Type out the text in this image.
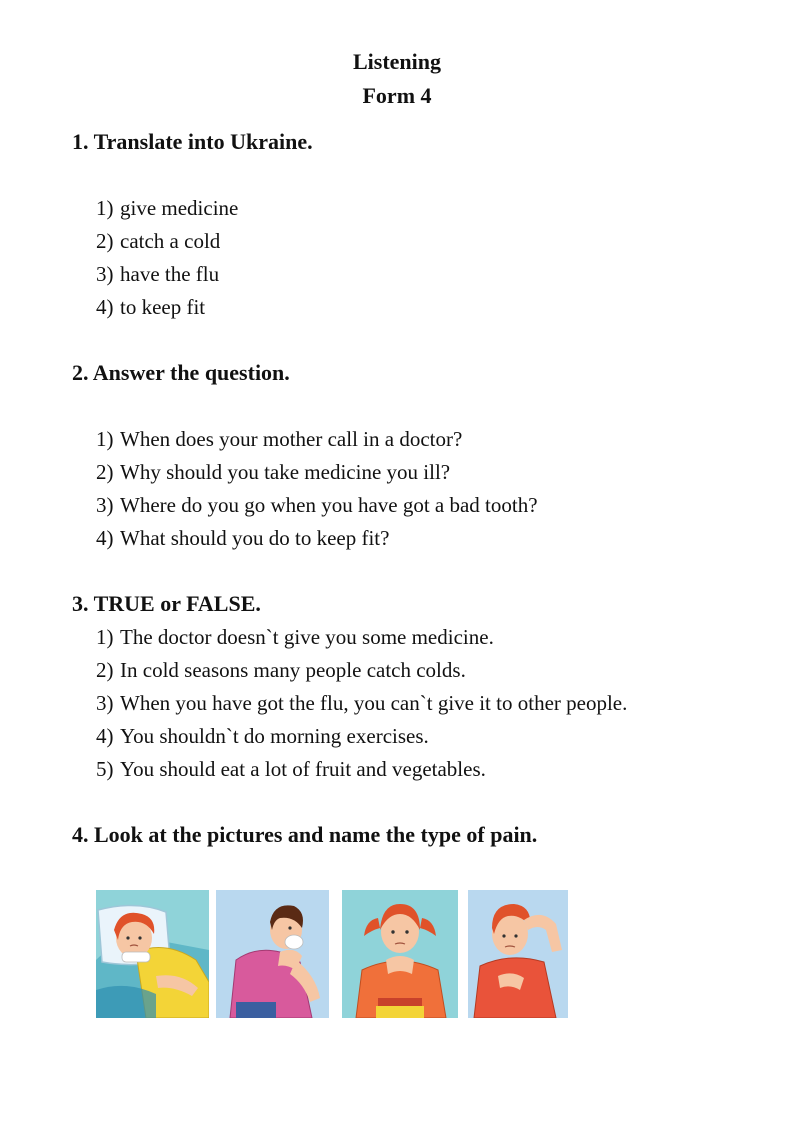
Listening
Form 4
1. Translate into Ukraine.
1) give medicine
2) catch a cold
3) have the flu
4) to keep fit
2. Answer the question.
1) When does your mother call in a doctor?
2) Why should you take medicine you ill?
3) Where do you go when you have got a bad tooth?
4) What should you do to keep fit?
3. TRUE or FALSE.
1) The doctor doesn`t give you some medicine.
2) In cold seasons many people catch colds.
3) When you have got the flu, you can`t give it to other people.
4) You shouldn`t do morning exercises.
5) You should eat a lot of fruit and vegetables.
4. Look at the pictures and name the type of pain.
